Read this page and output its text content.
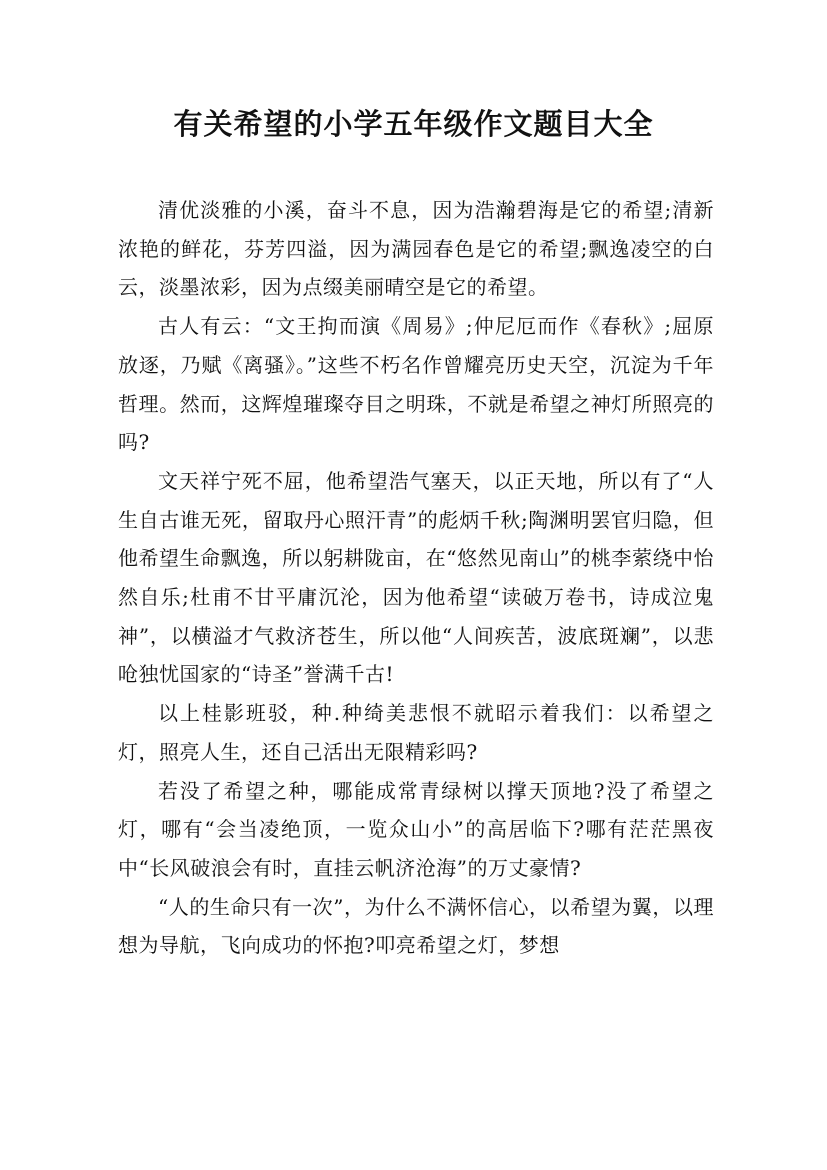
有关希望的小学五年级作文题目大全

清优淡雅的小溪，奋斗不息，因为浩瀚碧海是它的希望;清新浓艳的鲜花，芬芳四溢，因为满园春色是它的希望;飘逸凌空的白云，淡墨浓彩，因为点缀美丽晴空是它的希望。

古人有云：“文王拘而演《周易》;仲尼厄而作《春秋》;屈原放逐，乃赋《离骚》。”这些不朽名作曾耀亮历史天空，沉淀为千年哲理。然而，这辉煌璀璨夺目之明珠，不就是希望之神灯所照亮的吗?

文天祥宁死不屈，他希望浩气塞天，以正天地，所以有了“人生自古谁无死，留取丹心照汗青”的彪炳千秋;陶渊明罢官归隐，但他希望生命飘逸，所以躬耕陇亩，在“悠然见南山”的桃李萦绕中怡然自乐;杜甫不甘平庸沉沦，因为他希望“读破万卷书，诗成泣鬼神”，以横溢才气救济苍生，所以他“人间疾苦，波底斑斓”，以悲呛独忧国家的“诗圣”誉满千古!

以上桂影班驳，种.种绮美悲恨不就昭示着我们：以希望之灯，照亮人生，还自己活出无限精彩吗?

若没了希望之种，哪能成常青绿树以撑天顶地?没了希望之灯，哪有“会当凌绝顶，一览众山小”的高居临下?哪有茫茫黑夜中“长风破浪会有时，直挂云帆济沧海”的万丈豪情?

“人的生命只有一次”，为什么不满怀信心，以希望为翼，以理想为导航，飞向成功的怀抱?叩亮希望之灯，梦想
